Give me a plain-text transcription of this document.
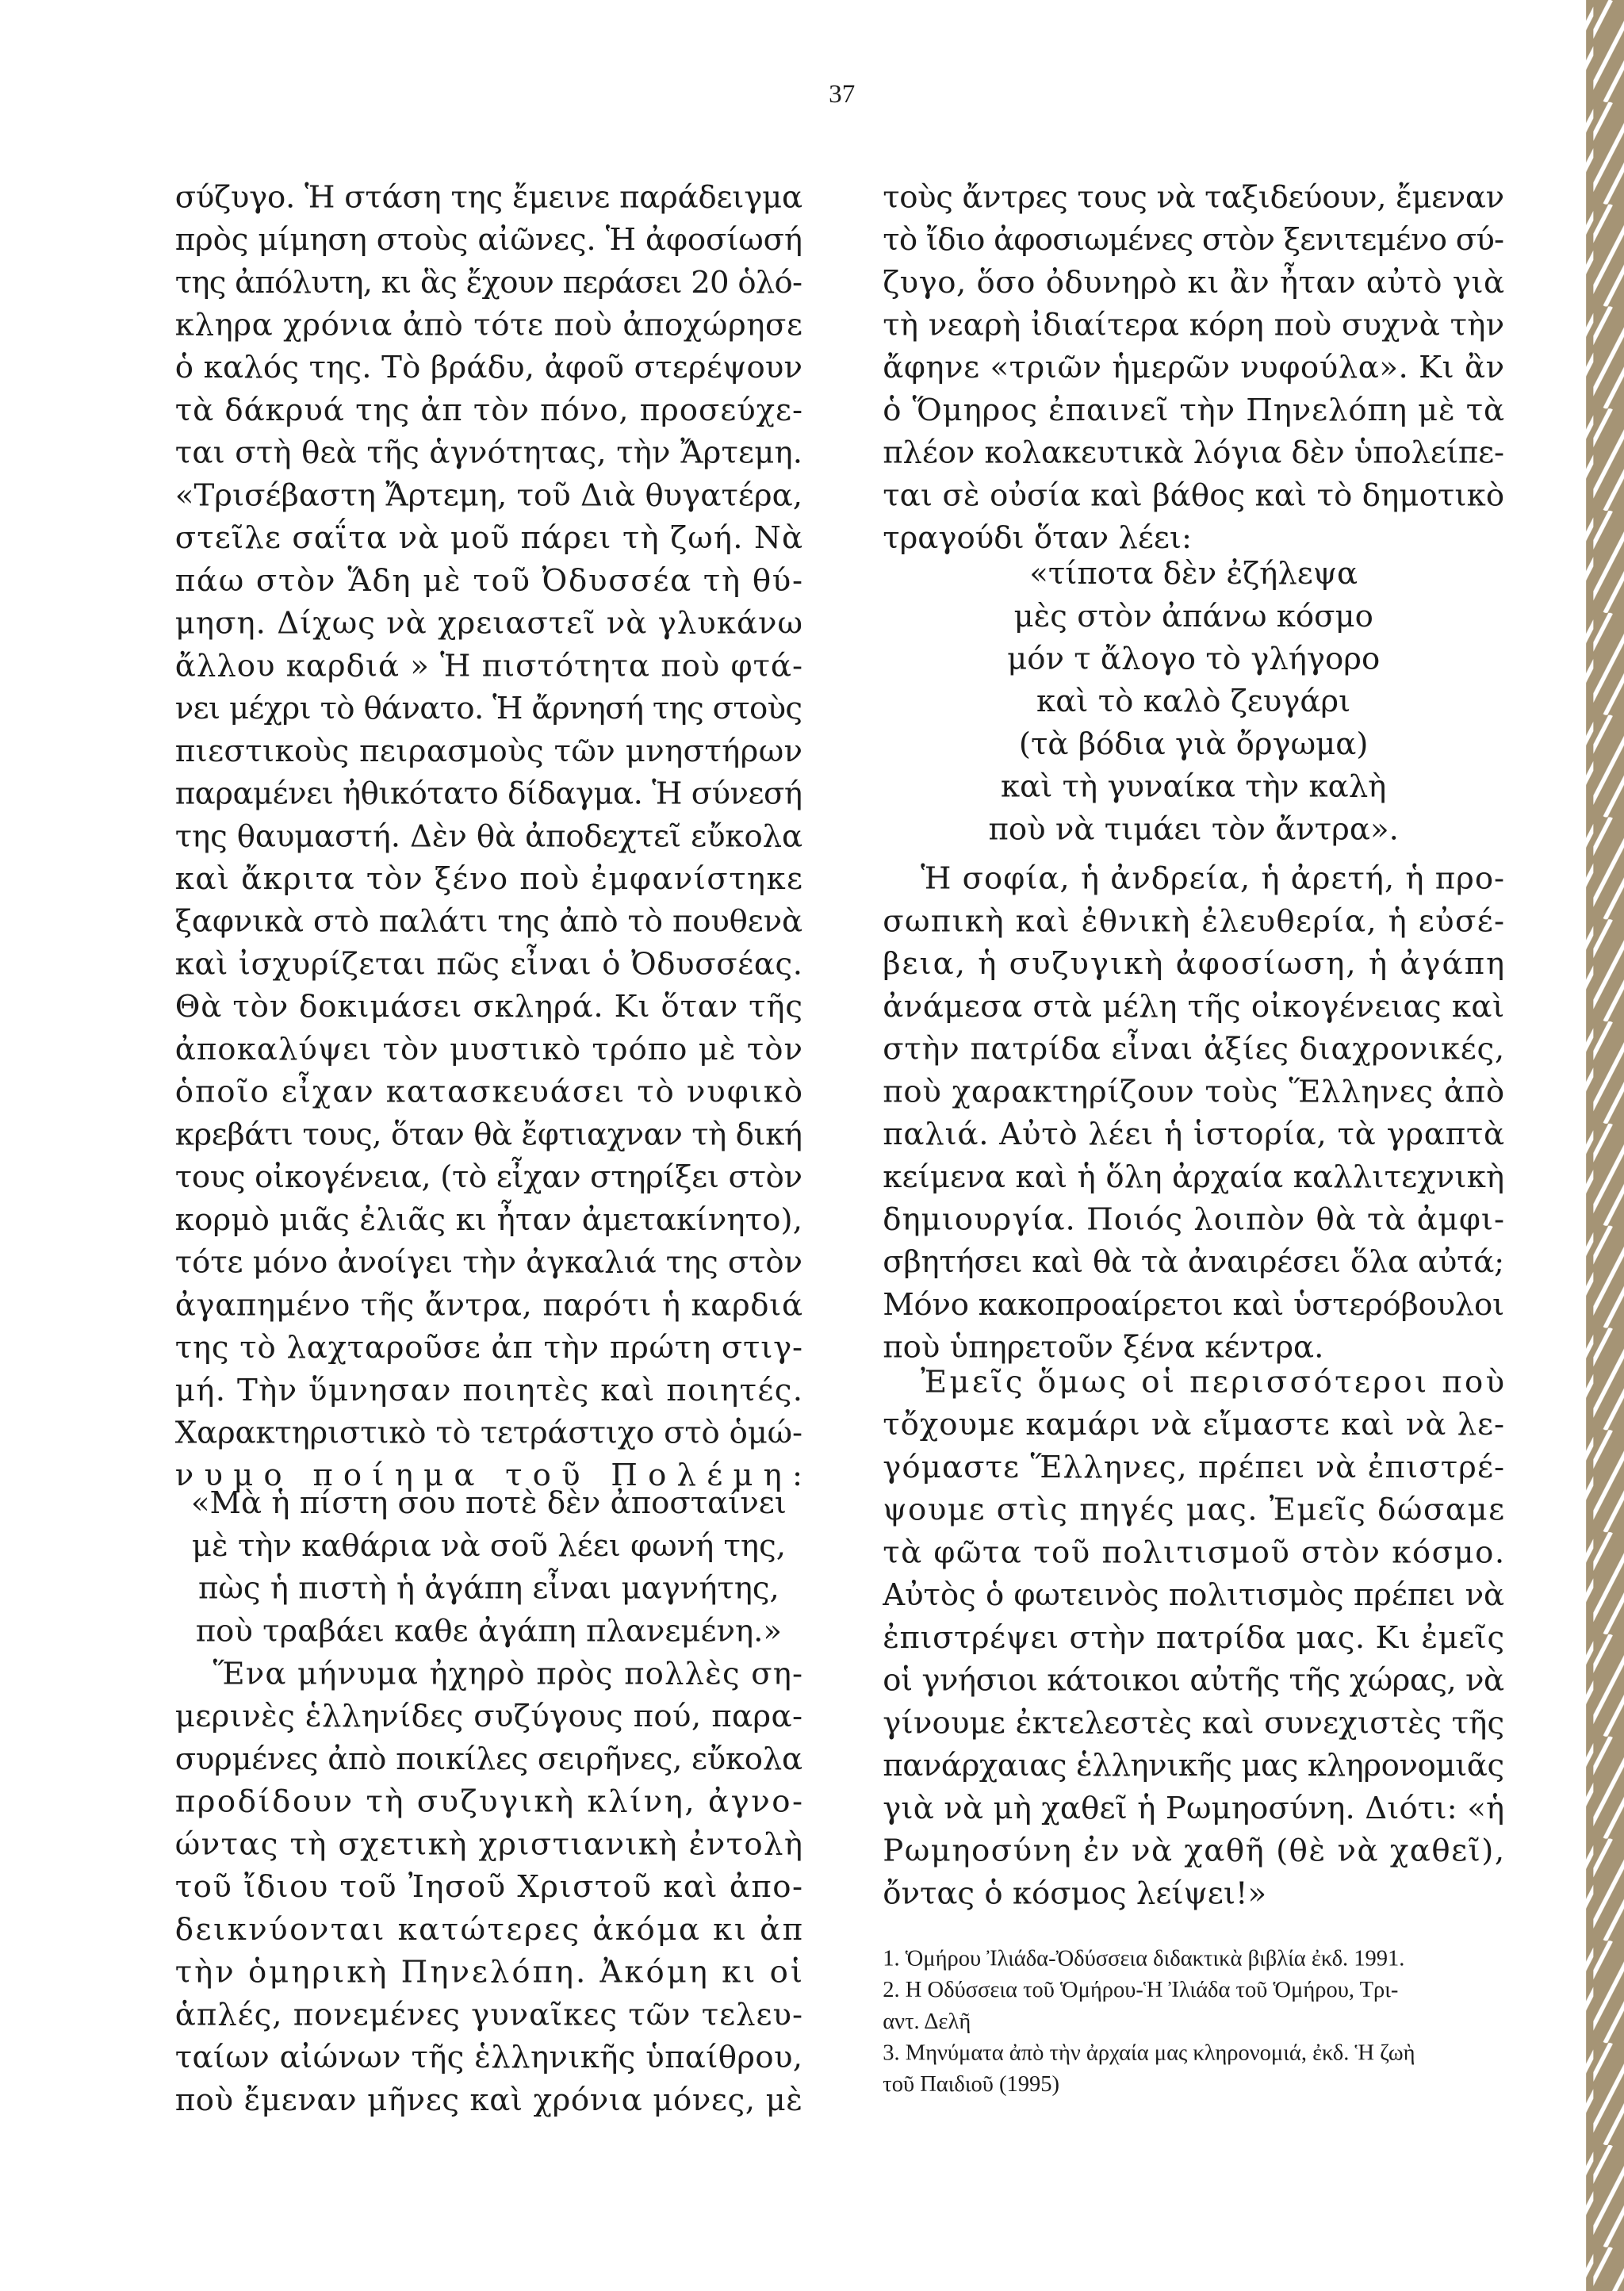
37
σύζυγο. Ἡ στάση της ἔμεινε παράδειγμα πρὸς μίμηση στοὺς αἰῶνες. Ἡ ἀφοσίωσή της ἀπόλυτη, κι ἃς ἔχουν περάσει 20 ὁλό-κληρα χρόνια ἀπὸ τότε ποὺ ἀποχώρησε ὁ καλός της. Τὸ βράδυ, ἀφοῦ στερέψουν τὰ δάκρυά της ἀπ τὸν πόνο, προσεύχε-ται στὴ θεὰ τῆς ἁγνότητας, τὴν Ἄρτεμη. «Τρισέβαστη Ἄρτεμη, τοῦ Διὰ θυγατέρα, στεῖλε σαΐτα νὰ μοῦ πάρει τὴ ζωή. Νὰ πάω στὸν Ἅδη μὲ τοῦ Ὀδυσσέα τὴ θύ-μηση. Δίχως νὰ χρειαστεῖ νὰ γλυκάνω ἄλλου καρδιά » Ἡ πιστότητα ποὺ φτά-νει μέχρι τὸ θάνατο. Ἡ ἄρνησή της στοὺς πιεστικοὺς πειρασμοὺς τῶν μνηστήρων παραμένει ἠθικότατο δίδαγμα. Ἡ σύνεσή της θαυμαστή. Δὲν θὰ ἀποδεχτεῖ εὔκολα καὶ ἄκριτα τὸν ξένο ποὺ ἐμφανίστηκε ξαφνικὰ στὸ παλάτι της ἀπὸ τὸ πουθενὰ καὶ ἰσχυρίζεται πῶς εἶναι ὁ Ὀδυσσέας. Θὰ τὸν δοκιμάσει σκληρά. Κι ὅταν τῆς ἀποκαλύψει τὸν μυστικὸ τρόπο μὲ τὸν ὁποῖο εἶχαν κατασκευάσει τὸ νυφικὸ κρεβάτι τους, ὅταν θὰ ἔφτιαχναν τὴ δική τους οἰκογένεια, (τὸ εἶχαν στηρίξει στὸν κορμὸ μιᾶς ἐλιᾶς κι ἦταν ἀμετακίνητο), τότε μόνο ἀνοίγει τὴν ἀγκαλιά της στὸν ἀγαπημένο τῆς ἄντρα, παρότι ἡ καρδιά της τὸ λαχταροῦσε ἀπ τὴν πρώτη στιγ-μή. Τὴν ὕμνησαν ποιητὲς καὶ ποιητές. Χαρακτηριστικὸ τὸ τετράστιχο στὸ ὁμώ-νυμο ποίημα τοῦ Πολέμη:
«Μὰ ἡ πίστη σου ποτὲ δὲν ἀποσταίνει μὲ τὴν καθάρια νὰ σοῦ λέει φωνή της, πὼς ἡ πιστὴ ἡ ἀγάπη εἶναι μαγνήτης, ποὺ τραβάει καθε ἀγάπη πλανεμένη.»
Ἕνα μήνυμα ἠχηρὸ πρὸς πολλὲς ση-μερινὲς ἑλληνίδες συζύγους πού, παρα-συρμένες ἀπὸ ποικίλες σειρῆνες, εὔκολα προδίδουν τὴ συζυγικὴ κλίνη, ἀγνο-ώντας τὴ σχετικὴ χριστιανικὴ ἐντολὴ τοῦ ἴδιου τοῦ Ἰησοῦ Χριστοῦ καὶ ἀπο-δεικνύονται κατώτερες ἀκόμα κι ἀπ τὴν ὁμηρικὴ Πηνελόπη. Ἀκόμη κι οἱ ἁπλές, πονεμένες γυναῖκες τῶν τελευ-ταίων αἰώνων τῆς ἑλληνικῆς ὑπαίθρου, ποὺ ἔμεναν μῆνες καὶ χρόνια μόνες, μὲ
τοὺς ἄντρες τους νὰ ταξιδεύουν, ἔμεναν τὸ ἴδιο ἀφοσιωμένες στὸν ξενιτεμένο σύ-ζυγο, ὅσο ὀδυνηρὸ κι ἂν ἦταν αὐτὸ γιὰ τὴ νεαρὴ ἰδιαίτερα κόρη ποὺ συχνὰ τὴν ἄφηνε «τριῶν ἡμερῶν νυφούλα». Κι ἂν ὁ Ὅμηρος ἐπαινεῖ τὴν Πηνελόπη μὲ τὰ πλέον κολακευτικὰ λόγια δὲν ὑπολείπε-ται σὲ οὐσία καὶ βάθος καὶ τὸ δημοτικὸ τραγούδι ὅταν λέει:
«τίποτα δὲν ἐζήλεψα μὲς στὸν ἀπάνω κόσμο μόν τ ἄλογο τὸ γλήγορο καὶ τὸ καλὸ ζευγάρι (τὰ βόδια γιὰ ὄργωμα) καὶ τὴ γυναίκα τὴν καλὴ ποὺ νὰ τιμάει τὸν ἄντρα».
Ἡ σοφία, ἡ ἀνδρεία, ἡ ἀρετή, ἡ προ-σωπικὴ καὶ ἐθνικὴ ἐλευθερία, ἡ εὐσέ-βεια, ἡ συζυγικὴ ἀφοσίωση, ἡ ἀγάπη ἀνάμεσα στὰ μέλη τῆς οἰκογένειας καὶ στὴν πατρίδα εἶναι ἀξίες διαχρονικές, ποὺ χαρακτηρίζουν τοὺς Ἕλληνες ἀπὸ παλιά. Αὐτὸ λέει ἡ ἱστορία, τὰ γραπτὰ κείμενα καὶ ἡ ὅλη ἀρχαία καλλιτεχνικὴ δημιουργία. Ποιός λοιπὸν θὰ τὰ ἀμφι-σβητήσει καὶ θὰ τὰ ἀναιρέσει ὅλα αὐτά; Μόνο κακοπροαίρετοι καὶ ὑστερόβουλοι ποὺ ὑπηρετοῦν ξένα κέντρα.
Ἐμεῖς ὅμως οἱ περισσότεροι ποὺ τὄχουμε καμάρι νὰ εἴμαστε καὶ νὰ λε-γόμαστε Ἕλληνες, πρέπει νὰ ἐπιστρέ-ψουμε στὶς πηγές μας. Ἐμεῖς δώσαμε τὰ φῶτα τοῦ πολιτισμοῦ στὸν κόσμο. Αὐτὸς ὁ φωτεινὸς πολιτισμὸς πρέπει νὰ ἐπιστρέψει στὴν πατρίδα μας. Κι ἐμεῖς οἱ γνήσιοι κάτοικοι αὐτῆς τῆς χώρας, νὰ γίνουμε ἐκτελεστὲς καὶ συνεχιστὲς τῆς πανάρχαιας ἑλληνικῆς μας κληρονομιᾶς γιὰ νὰ μὴ χαθεῖ ἡ Ρωμηοσύνη. Διότι: «ἡ Ρωμηοσύνη ἐν νὰ χαθῆ (θὲ νὰ χαθεῖ), ὄντας ὁ κόσμος λείψει!»
1. Ὁμήρου Ἰλιάδα-Ὀδύσσεια διδακτικὰ βιβλία ἐκδ. 1991. 2. Η Οδύσσεια τοῦ Ὁμήρου-Ἡ Ἰλιάδα τοῦ Ὁμήρου, Τρι-αντ. Δελῆ 3. Μηνύματα ἀπὸ τὴν ἀρχαία μας κληρονομιά, ἐκδ. Ἡ ζωὴ τοῦ Παιδιοῦ (1995)
